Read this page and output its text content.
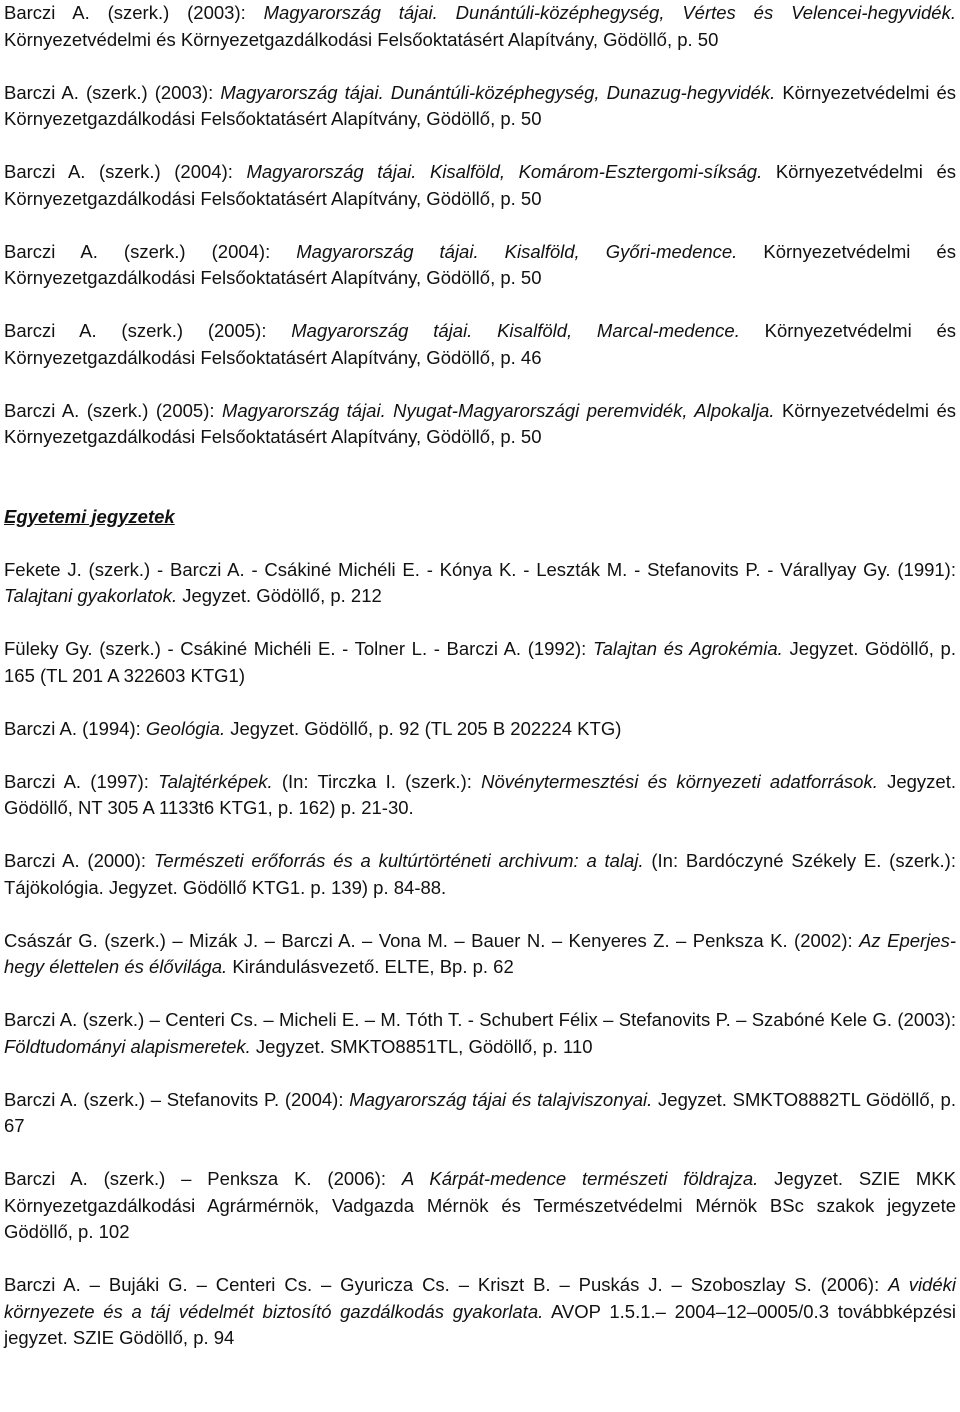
Barczi A. (szerk.) (2003): Magyarország tájai. Dunántúli-középhegység, Vértes és Velencei-hegyvidék. Környezetvédelmi és Környezetgazdálkodási Felsőoktatásért Alapítvány, Gödöllő, p. 50

Barczi A. (szerk.) (2003): Magyarország tájai. Dunántúli-középhegység, Dunazug-hegyvidék. Környezetvédelmi és Környezetgazdálkodási Felsőoktatásért Alapítvány, Gödöllő, p. 50

Barczi A. (szerk.) (2004): Magyarország tájai. Kisalföld, Komárom-Esztergomi-síkság. Környezetvédelmi és Környezetgazdálkodási Felsőoktatásért Alapítvány, Gödöllő, p. 50

Barczi A. (szerk.) (2004): Magyarország tájai. Kisalföld, Győri-medence. Környezetvédelmi és Környezetgazdálkodási Felsőoktatásért Alapítvány, Gödöllő, p. 50

Barczi A. (szerk.) (2005): Magyarország tájai. Kisalföld, Marcal-medence. Környezetvédelmi és Környezetgazdálkodási Felsőoktatásért Alapítvány, Gödöllő, p. 46

Barczi A. (szerk.) (2005): Magyarország tájai. Nyugat-Magyarországi peremvidék, Alpokalja. Környezetvédelmi és Környezetgazdálkodási Felsőoktatásért Alapítvány, Gödöllő, p. 50

Egyetemi jegyzetek

Fekete J. (szerk.) - Barczi A. - Csákiné Michéli E. - Kónya K. - Leszták M. - Stefanovits P. - Várallyay Gy. (1991): Talajtani gyakorlatok. Jegyzet. Gödöllő, p. 212

Füleky Gy. (szerk.) - Csákiné Michéli E. - Tolner L. - Barczi A. (1992): Talajtan és Agrokémia. Jegyzet. Gödöllő, p. 165 (TL 201 A 322603 KTG1)

Barczi A. (1994): Geológia. Jegyzet. Gödöllő, p. 92 (TL 205 B 202224 KTG)

Barczi A. (1997): Talajtérképek. (In: Tirczka I. (szerk.): Növénytermesztési és környezeti adatforrások. Jegyzet. Gödöllő, NT 305 A 1133t6 KTG1, p. 162) p. 21-30.

Barczi A. (2000): Természeti erőforrás és a kultúrtörténeti archivum: a talaj. (In: Bardóczyné Székely E. (szerk.): Tájökológia. Jegyzet. Gödöllő KTG1. p. 139) p. 84-88.

Császár G. (szerk.) – Mizák J. – Barczi A. – Vona M. – Bauer N. – Kenyeres Z. – Penksza K. (2002): Az Eperjes-hegy élettelen és élővilága. Kirándulásvezető. ELTE, Bp. p. 62

Barczi A. (szerk.) – Centeri Cs. – Micheli E. – M. Tóth T. - Schubert Félix – Stefanovits P. – Szabóné Kele G. (2003): Földtudományi alapismeretek. Jegyzet. SMKTO8851TL, Gödöllő, p. 110

Barczi A. (szerk.) – Stefanovits P. (2004): Magyarország tájai és talajviszonyai. Jegyzet. SMKTO8882TL Gödöllő, p. 67

Barczi A. (szerk.) – Penksza K. (2006): A Kárpát-medence természeti földrajza. Jegyzet. SZIE MKK Környezetgazdálkodási Agrármérnök, Vadgazda Mérnök és Természetvédelmi Mérnök BSc szakok jegyzete Gödöllő, p. 102

Barczi A. – Bujáki G. – Centeri Cs. – Gyuricza Cs. – Kriszt B. – Puskás J. – Szoboszlay S. (2006): A vidéki környezete és a táj védelmét biztosító gazdálkodás gyakorlata. AVOP 1.5.1.– 2004–12–0005/0.3 továbbképzési jegyzet. SZIE Gödöllő, p. 94
